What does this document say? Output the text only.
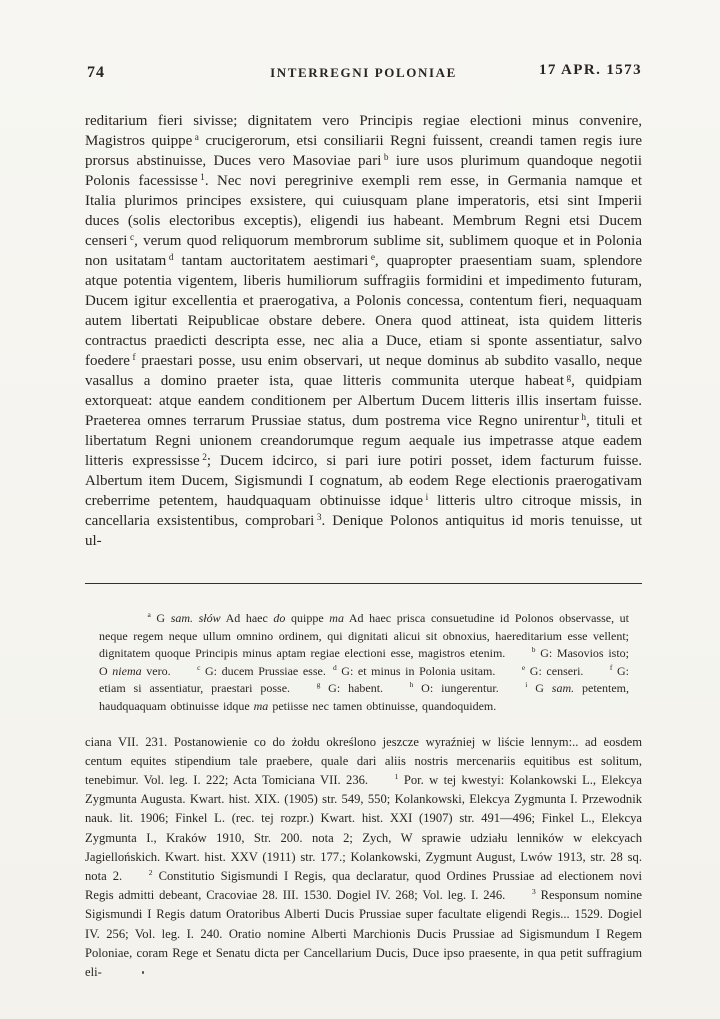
74	INTERREGNI POLONIAE	17 APR. 1573

reditarium fieri sivisse; dignitatem vero Principis regiae electioni minus convenire, Magistros quippe $^a$ crucigerorum, etsi consiliarii Regni fuissent, creandi tamen regis iure prorsus abstinuisse, Duces vero Masoviae pari $^b$ iure usos plurimum quandoque negotii Polonis facessisse $^1$. Nec novi peregrinive exempli rem esse, in Germania namque et Italia plurimos principes exsistere, qui cuiusquam plane imperatoris, etsi sint Imperii duces (solis electoribus exceptis), eligendi ius habeant. Membrum Regni etsi Ducem censeri $^c$, verum quod reliquorum membrorum sublime sit, sublimem quoque et in Polonia non usitatam $^d$ tantam auctoritatem aestimari $^e$, quapropter praesentiam suam, splendore atque potentia vigentem, liberis humiliorum suffragiis formidini et impedimento futuram, Ducem igitur excellentia et praerogativa, a Polonis concessa, contentum fieri, nequaquam autem libertati Reipublicae obstare debere. Onera quod attineat, ista quidem litteris contractus praedicti descripta esse, nec alia a Duce, etiam si sponte assentiatur, salvo foedere $^f$ praestari posse, usu enim observari, ut neque dominus ab subdito vasallo, neque vasallus a domino praeter ista, quae litteris communita uterque habeat $^g$, quidpiam extorqueat: atque eandem conditionem per Albertum Ducem litteris illis insertam fuisse. Praeterea omnes terrarum Prussiae status, dum postrema vice Regno unirentur $^h$, tituli et libertatum Regni unionem creandorumque regum aequale ius impetrasse atque eadem litteris expressisse $^2$; Ducem idcirco, si pari iure potiri posset, idem facturum fuisse. Albertum item Ducem, Sigismundi I cognatum, ab eodem Rege electionis praerogativam creberrime petentem, haudquaquam obtinuisse idque $^i$ litteris ultro citroque missis, in cancellaria exsistentibus, comprobari $^3$. Denique Polonos antiquitus id moris tenuisse, ut ul-

$^a$ G sam. słów Ad haec do quippe ma Ad haec prisca consuetudine id Polonos observasse, ut neque regem neque ullum omnino ordinem, qui dignitati alicui sit obnoxius, haereditarium esse vellent; dignitatem quoque Principis minus aptam regiae electioni esse, magistros etenim.	$^b$ G: Masovios isto; O niema vero.	$^c$ G: ducem Prussiae esse. $^d$ G: et minus in Polonia usitam.	$^e$ G: censeri.	$^f$ G: etiam si assentiatur, praestari posse.	$^g$ G: habent.	$^h$ O: iungerentur.	$^i$ G sam. petentem, haudquaquam obtinuisse idque ma petiisse nec tamen obtinuisse, quandoquidem.

ciana VII. 231. Postanowienie co do żołdu określono jeszcze wyraźniej w liście lennym:.. ad eosdem centum equites stipendium tale praebere, quale dari aliis nostris mercenariis equitibus est solitum, tenebimur. Vol. leg. I. 222; Acta Tomiciana VII. 236.	$^1$ Por. w tej kwestyi: Kolankowski L., Elekcya Zygmunta Augusta. Kwart. hist. XIX. (1905) str. 549, 550; Kolankowski, Elekcya Zygmunta I. Przewodnik nauk. lit. 1906; Finkel L. (rec. tej rozpr.) Kwart. hist. XXI (1907) str. 491—496; Finkel L., Elekcya Zygmunta I., Kraków 1910, Str. 200. nota 2; Zych, W sprawie udziału lenników w elekcyach Jagiellońskich. Kwart. hist. XXV (1911) str. 177.; Kolankowski, Zygmunt August, Lwów 1913, str. 28 sq. nota 2.	$^2$ Constitutio Sigismundi I Regis, qua declaratur, quod Ordines Prussiae ad electionem novi Regis admitti debeant, Cracoviae 28. III. 1530. Dogiel IV. 268; Vol. leg. I. 246.	$^3$ Responsum nomine Sigismundi I Regis datum Oratoribus Alberti Ducis Prussiae super facultate eligendi Regis... 1529. Dogiel IV. 256; Vol. leg. I. 240. Oratio nomine Alberti Marchionis Ducis Prussiae ad Sigismundum I Regem Poloniae, coram Rege et Senatu dicta per Cancellarium Ducis, Duce ipso praesente, in qua petit suffragium eli-
